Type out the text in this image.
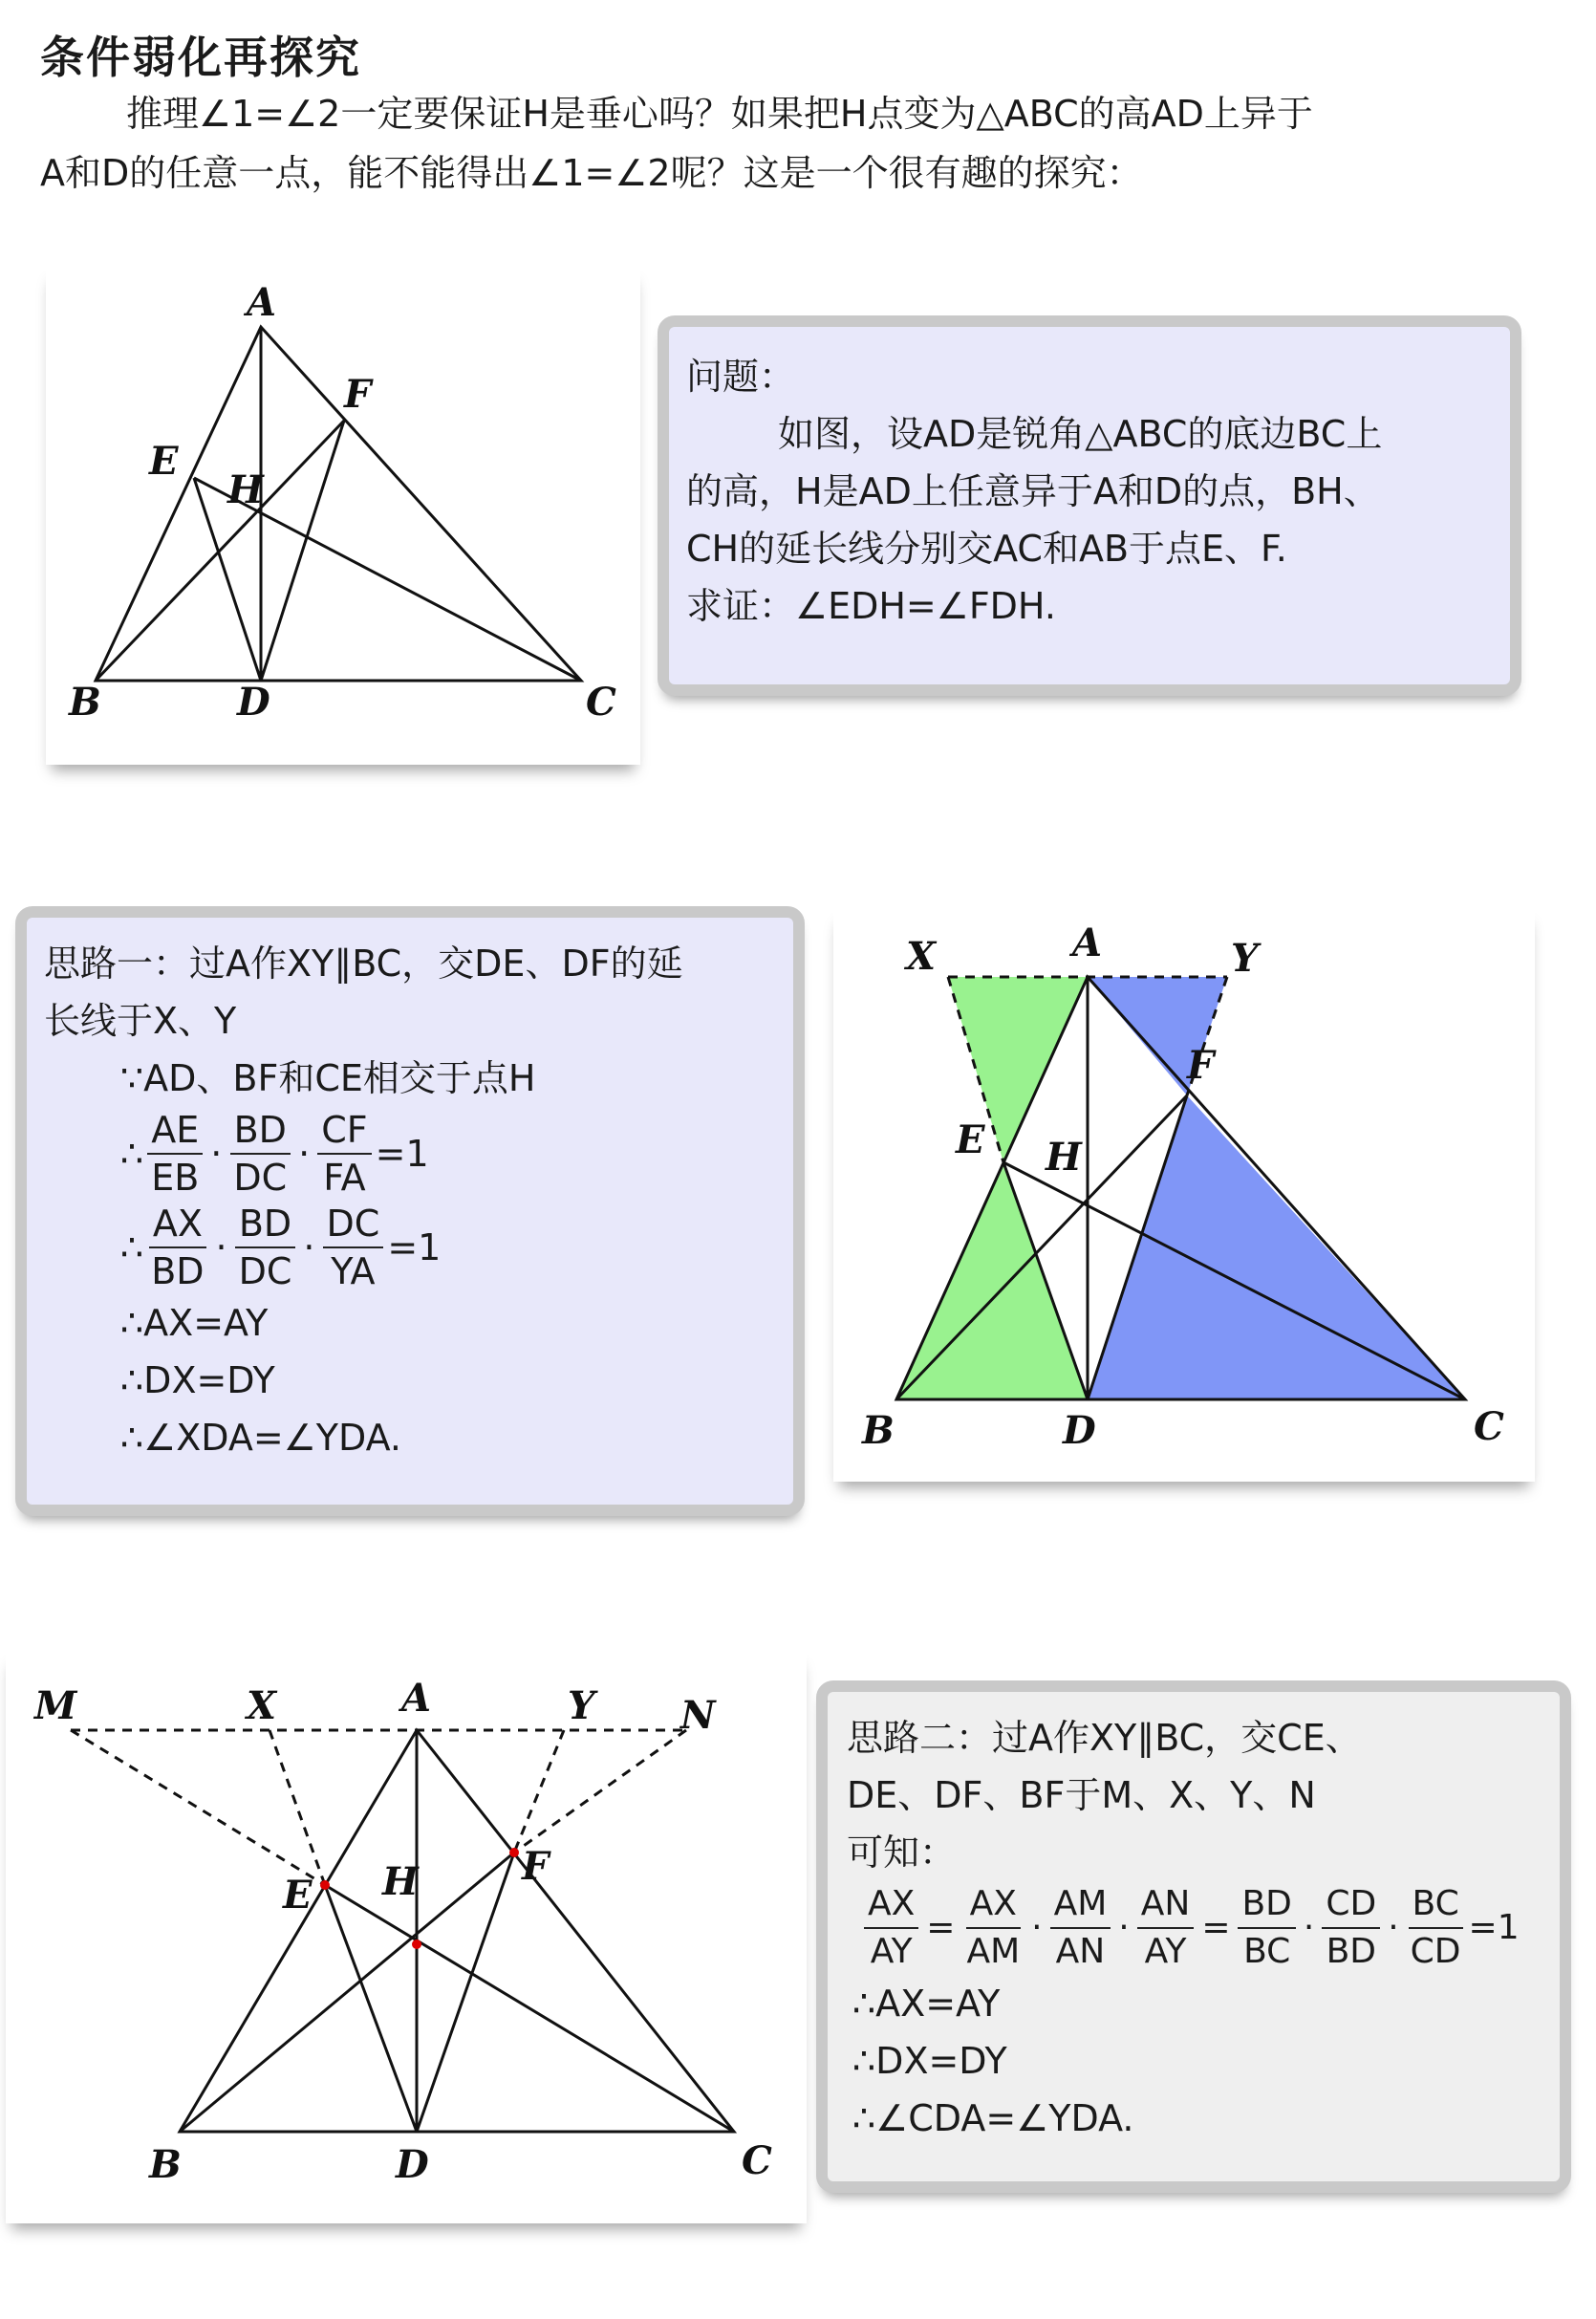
条件弱化再探究
推理∠1=∠2一定要保证H是垂心吗？如果把H点变为△ABC的高AD上异于
A和D的任意一点，能不能得出∠1=∠2呢？这是一个很有趣的探究：
A
F
E
H
B	D	C
问题：
如图，设AD是锐角△ABC的底边BC上
的高，H是AD上任意异于A和D的点，BH、
CH的延长线分别交AC和AB于点E、F.
求证：∠EDH=∠FDH.
思路一：过A作XY∥BC，交DE、DF的延
长线于X、Y
∵AD、BF和CE相交于点H
∴ $\frac{AE}{EB} \cdot \frac{BD}{DC} \cdot \frac{CF}{FA} =1$
∴ $\frac{AX}{BD} \cdot \frac{BD}{DC} \cdot \frac{DC}{YA} =1$
∴AX=AY
∴DX=DY
∴∠XDA=∠YDA.
X	A	Y
F
E H
B	D	C
M	X	A	Y N
E H	F
B	D	C
思路二：过A作XY∥BC，交CE、
DE、DF、BF于M、X、Y、N
可知：
$\frac{AX}{AY} = \frac{AX}{AM} \cdot \frac{AM}{AN} \cdot \frac{AN}{AY} = \frac{BD}{BC} \cdot \frac{CD}{BD} \cdot \frac{BC}{CD} =1$
∴AX=AY
∴DX=DY
∴∠CDA=∠YDA.
